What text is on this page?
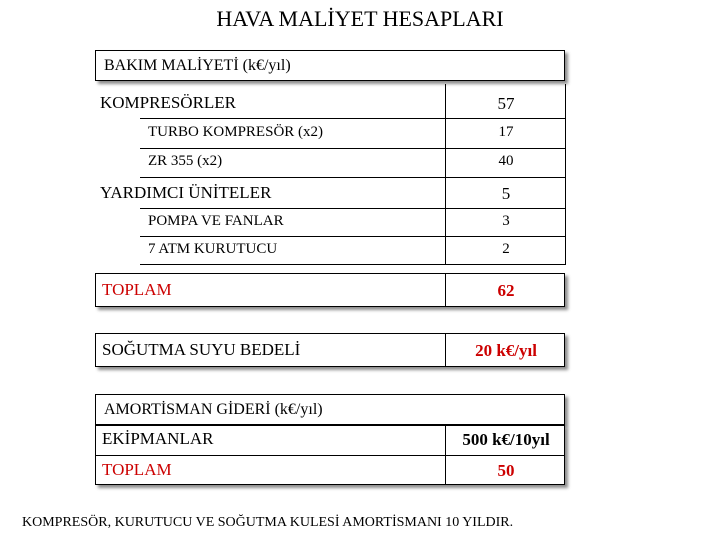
HAVA MALİYET HESAPLARI
BAKIM MALİYETİ (k€/yıl)
KOMPRESÖRLER	57
TURBO KOMPRESÖR (x2)	17
ZR 355 (x2)	40
YARDIMCI ÜNİTELER	5
POMPA VE FANLAR	3
7 ATM KURUTUCU	2
TOPLAM	62
SOĞUTMA SUYU BEDELİ	20 k€/yıl
AMORTİSMAN GİDERİ (k€/yıl)
EKİPMANLAR	500 k€/10yıl
TOPLAM	50
KOMPRESÖR, KURUTUCU VE SOĞUTMA KULESİ AMORTİSMANI 10 YILDIR.
